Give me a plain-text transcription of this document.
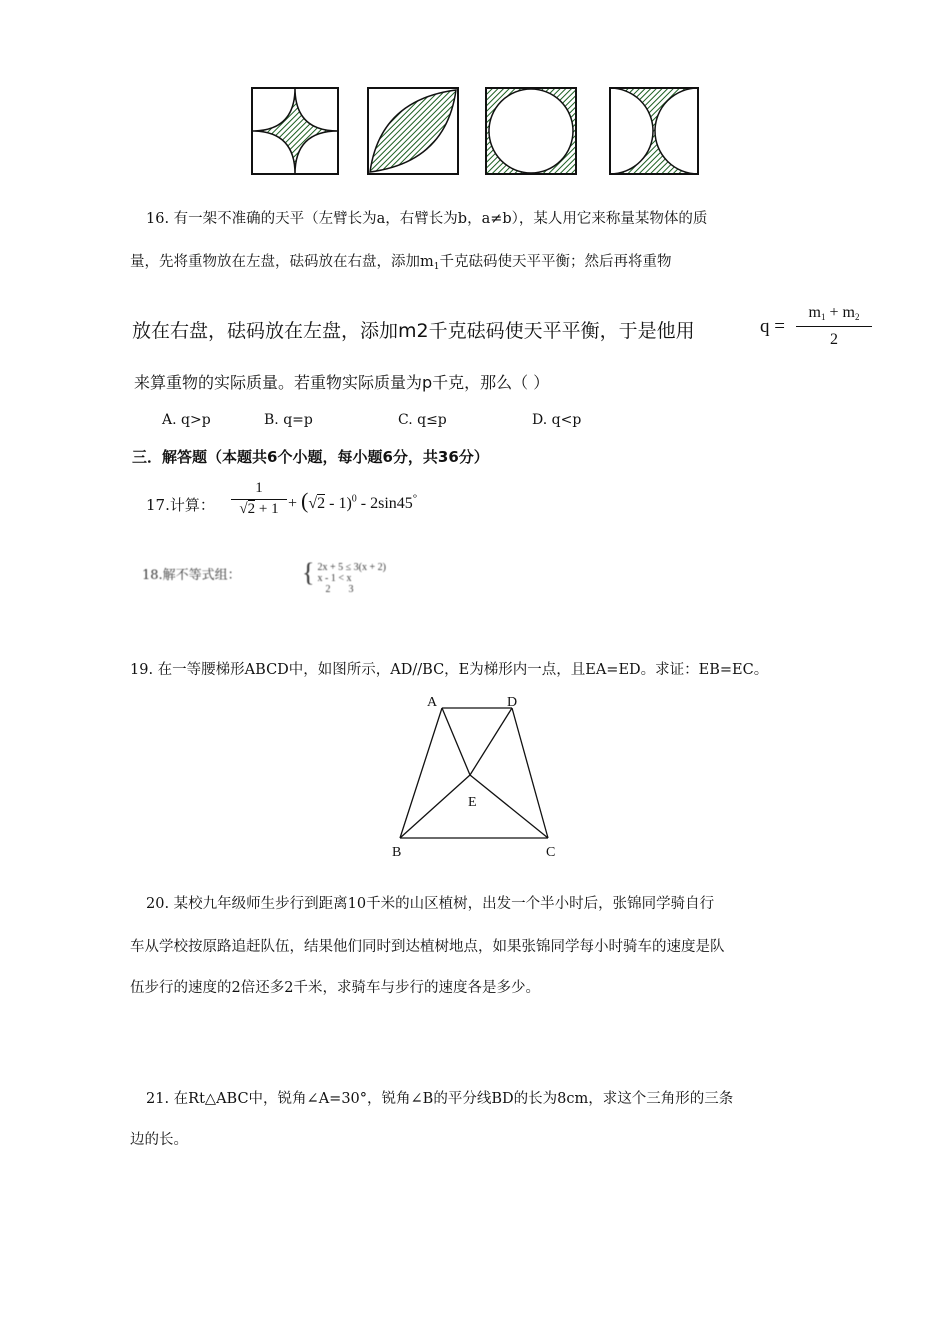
16. 有一架不准确的天平（左臂长为a，右臂长为b，a≠b），某人用它来称量某物体的质
量，先将重物放在左盘，砝码放在右盘，添加$m_1$千克砝码使天平平衡；然后再将重物
放在右盘，砝码放在左盘，添加m2千克砝码使天平平衡，于是他用	q =
m1 + m2
2
来算重物的实际质量。若重物实际质量为p千克，那么（ ）
A. q>p	B. q=p	C. q≤p	D. q<p
三．解答题（本题共6个小题，每小题6分，共36分）
17.计算：
1
√2 + 1 + (√2 - 1)$^0$ - 2sin45°
18.解不等式组： { 2x + 5 ≤ 3(x + 2)
x - 1 < x
2 3
19. 在一等腰梯形ABCD中，如图所示，AD//BC，E为梯形内一点，且EA=ED。求证：EB=EC。
A	D
E
B	C
20. 某校九年级师生步行到距离10千米的山区植树，出发一个半小时后，张锦同学骑自行
车从学校按原路追赶队伍，结果他们同时到达植树地点，如果张锦同学每小时骑车的速度是队
伍步行的速度的2倍还多2千米，求骑车与步行的速度各是多少。
21. 在Rt△ABC中，锐角∠A=30°，锐角∠B的平分线BD的长为8cm，求这个三角形的三条
边的长。
